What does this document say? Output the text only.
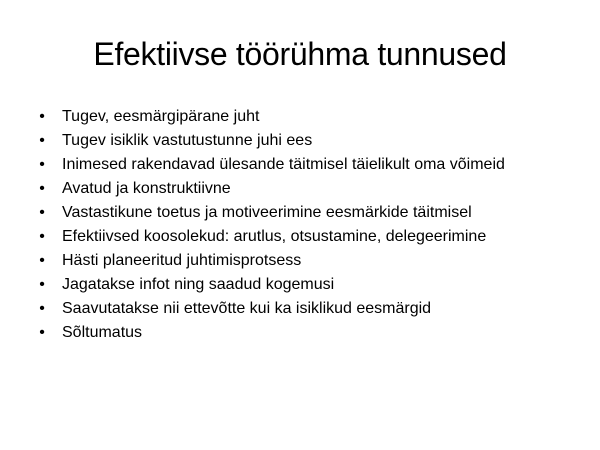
Efektiivse töörühma tunnused
• Tugev, eesmärgipärane juht
• Tugev isiklik vastutustunne juhi ees
• Inimesed rakendavad ülesande täitmisel täielikult oma võimeid
• Avatud ja konstruktiivne
• Vastastikune toetus ja motiveerimine eesmärkide täitmisel
• Efektiivsed koosolekud: arutlus, otsustamine, delegeerimine
• Hästi planeeritud juhtimisprotsess
• Jagatakse infot ning saadud kogemusi
• Saavutatakse nii ettevõtte kui ka isiklikud eesmärgid
• Sõltumatus
